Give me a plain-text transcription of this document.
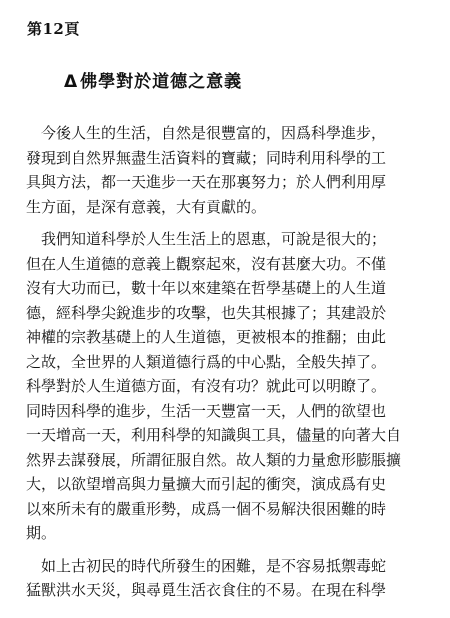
第12頁
Δ 佛學對於道德之意義
　今後人生的生活，自然是很豐富的，因爲科學進步，
發現到自然界無盡生活資料的寶藏；同時利用科學的工
具與方法，都一天進步一天在那裏努力；於人們利用厚
生方面，是深有意義，大有貢獻的。
　我們知道科學於人生生活上的恩惠，可說是很大的；
但在人生道德的意義上觀察起來，沒有甚麼大功。不僅
沒有大功而已，數十年以來建築在哲學基礎上的人生道
德，經科學尖銳進步的攻擊，也失其根據了；其建設於
神權的宗教基礎上的人生道德，更被根本的推翻；由此
之故，全世界的人類道德行爲的中心點，全般失掉了。
科學對於人生道德方面，有沒有功？就此可以明瞭了。
同時因科學的進步，生活一天豐富一天，人們的欲望也
一天增高一天，利用科學的知識與工具，儘量的向著大自
然界去謀發展，所謂征服自然。故人類的力量愈形膨脹擴
大，以欲望增高與力量擴大而引起的衝突，演成爲有史
以來所未有的嚴重形勢，成爲一個不易解決很困難的時
期。
　如上古初民的時代所發生的困難，是不容易抵禦毒蛇
猛獸洪水天災，與尋覓生活衣食住的不易。在現在科學
